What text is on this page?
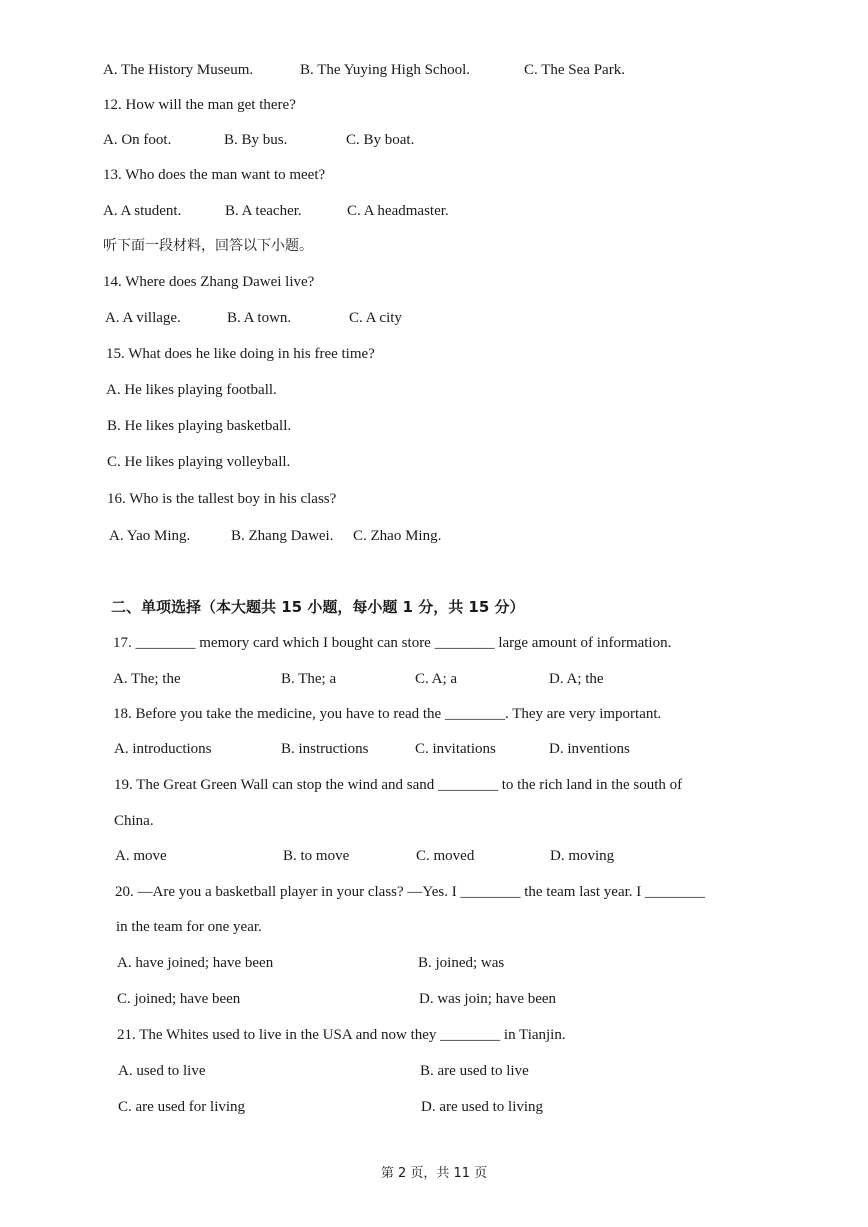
A. The History Museum.	B. The Yuying High School.	C. The Sea Park.
12. How will the man get there?
A. On foot.	B. By bus.	C. By boat.
13. Who does the man want to meet?
A. A student.	B. A teacher.	C. A headmaster.
听下面一段材料，回答以下小题。
14. Where does Zhang Dawei live?
A. A village.	B. A town.	C. A city
15. What does he like doing in his free time?
A. He likes playing football.
B. He likes playing basketball.
C. He likes playing volleyball.
16. Who is the tallest boy in his class?
A. Yao Ming.	B. Zhang Dawei. C. Zhao Ming.
二、单项选择（本大题共 15 小题，每小题 1 分，共 15 分）
17. ________ memory card which I bought can store ________ large amount of information.
A. The; the	B. The; a	C. A; a	D. A; the
18. Before you take the medicine, you have to read the ________. They are very important.
A. introductions	B. instructions	C. invitations	D. inventions
19. The Great Green Wall can stop the wind and sand ________ to the rich land in the south of
China.
A. move	B. to move	C. moved	D. moving
20. —Are you a basketball player in your class? —Yes. I ________ the team last year. I ________
in the team for one year.
A. have joined; have been	B. joined; was
C. joined; have been	D. was join; have been
21. The Whites used to live in the USA and now they ________ in Tianjin.
A. used to live	B. are used to live
C. are used for living	D. are used to living
第 2 页，共 11 页
